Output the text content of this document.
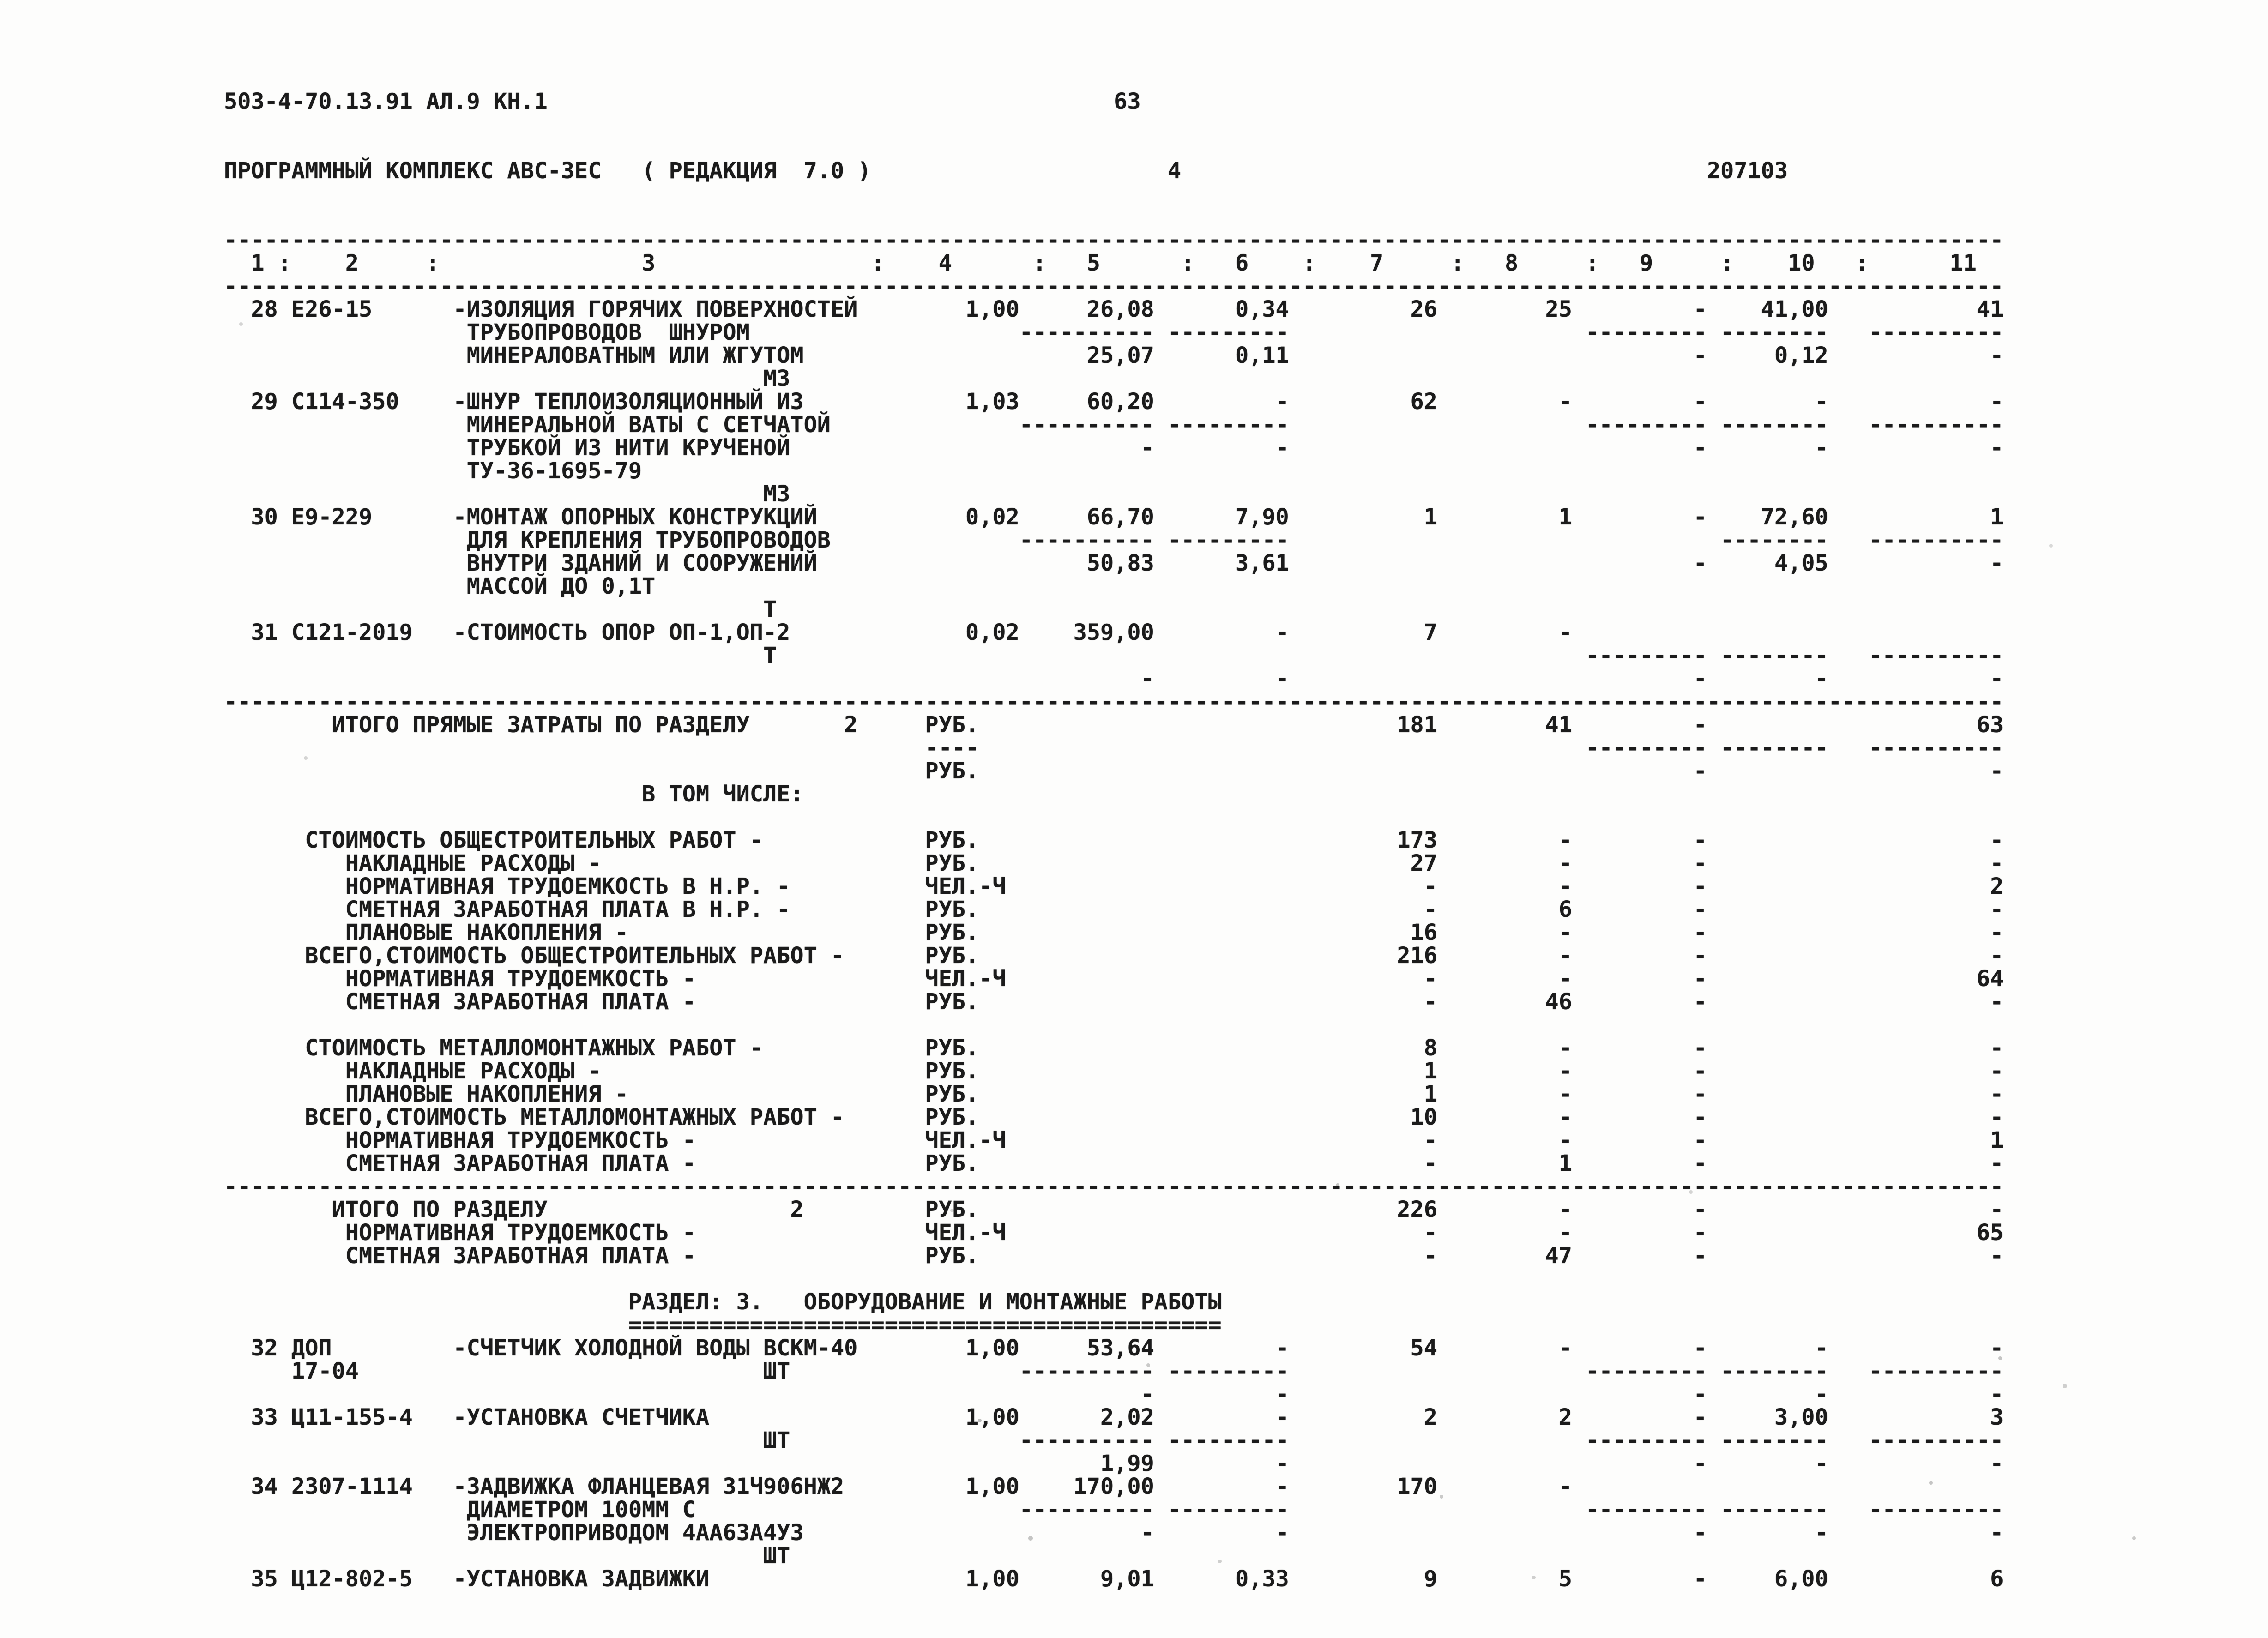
503-4-70.13.91 АЛ.9 КН.1                                          63

ПРОГРАММНЫЙ КОМПЛЕКС АВС-3ЕС   ( РЕДАКЦИЯ  7.0 )                      4                                       207103

------------------------------------------------------------------------------------------------------------------------------------
1 :    2     :               3                :    4      :   5      :   6    :    7     :   8     :   9     :    10   :      11
------------------------------------------------------------------------------------------------------------------------------------
28 Е26-15      -ИЗОЛЯЦИЯ ГОРЯЧИХ ПОВЕРХНОСТЕЙ        1,00     26,08      0,34         26        25         -    41,00           41
ТРУБОПРОВОДОВ  ШНУРОМ                    ---------- ---------                      --------- --------   ----------
МИНЕРАЛОВАТНЫМ ИЛИ ЖГУТОМ                     25,07      0,11                              -     0,12            -
М3
29 С114-350    -ШНУР ТЕПЛОИЗОЛЯЦИОННЫЙ ИЗ            1,03     60,20         -         62         -         -        -            -
МИНЕРАЛЬНОЙ ВАТЫ С СЕТЧАТОЙ              ---------- ---------                      --------- --------   ----------
ТРУБКОЙ ИЗ НИТИ КРУЧЕНОЙ                          -         -                              -        -            -
ТУ-36-1695-79
М3
30 Е9-229      -МОНТАЖ ОПОРНЫХ КОНСТРУКЦИЙ           0,02     66,70      7,90          1         1         -    72,60            1
ДЛЯ КРЕПЛЕНИЯ ТРУБОПРОВОДОВ              ---------- ---------                                --------   ----------
ВНУТРИ ЗДАНИЙ И СООРУЖЕНИЙ                    50,83      3,61                              -     4,05            -
МАССОЙ ДО 0,1Т
Т
31 С121-2019   -СТОИМОСТЬ ОПОР ОП-1,ОП-2             0,02    359,00         -          7         -
Т                                                            --------- --------   ----------
-         -                              -        -            -
------------------------------------------------------------------------------------------------------------------------------------
ИТОГО ПРЯМЫЕ ЗАТРАТЫ ПО РАЗДЕЛУ       2     РУБ.                               181        41         -                    63
----                                             --------- --------   ----------
РУБ.                                                     -                     -
В ТОМ ЧИСЛЕ:

СТОИМОСТЬ ОБЩЕСТРОИТЕЛЬНЫХ РАБОТ -            РУБ.                               173         -         -                     -
НАКЛАДНЫЕ РАСХОДЫ -                        РУБ.                                27         -         -                     -
НОРМАТИВНАЯ ТРУДОЕМКОСТЬ В Н.Р. -          ЧЕЛ.-Ч                               -         -         -                     2
СМЕТНАЯ ЗАРАБОТНАЯ ПЛАТА В Н.Р. -          РУБ.                                 -         6         -                     -
ПЛАНОВЫЕ НАКОПЛЕНИЯ -                      РУБ.                                16         -         -                     -
ВСЕГО,СТОИМОСТЬ ОБЩЕСТРОИТЕЛЬНЫХ РАБОТ -      РУБ.                               216         -         -                     -
НОРМАТИВНАЯ ТРУДОЕМКОСТЬ -                 ЧЕЛ.-Ч                               -         -         -                    64
СМЕТНАЯ ЗАРАБОТНАЯ ПЛАТА -                 РУБ.                                 -        46         -                     -

СТОИМОСТЬ МЕТАЛЛОМОНТАЖНЫХ РАБОТ -            РУБ.                                 8         -         -                     -
НАКЛАДНЫЕ РАСХОДЫ -                        РУБ.                                 1         -         -                     -
ПЛАНОВЫЕ НАКОПЛЕНИЯ -                      РУБ.                                 1         -         -                     -
ВСЕГО,СТОИМОСТЬ МЕТАЛЛОМОНТАЖНЫХ РАБОТ -      РУБ.                                10         -         -                     -
НОРМАТИВНАЯ ТРУДОЕМКОСТЬ -                 ЧЕЛ.-Ч                               -         -         -                     1
СМЕТНАЯ ЗАРАБОТНАЯ ПЛАТА -                 РУБ.                                 -         1         -                     -
------------------------------------------------------------------------------------------------------------------------------------
ИТОГО ПО РАЗДЕЛУ                  2         РУБ.                               226         -         -                     -
НОРМАТИВНАЯ ТРУДОЕМКОСТЬ -                 ЧЕЛ.-Ч                               -         -         -                    65
СМЕТНАЯ ЗАРАБОТНАЯ ПЛАТА -                 РУБ.                                 -        47         -                     -

РАЗДЕЛ: 3.   ОБОРУДОВАНИЕ И МОНТАЖНЫЕ РАБОТЫ
============================================
32 ДОП         -СЧЕТЧИК ХОЛОДНОЙ ВОДЫ ВСКМ-40        1,00     53,64         -         54         -         -        -            -
17-04                              ШТ                 ---------- ---------                      --------- --------   ----------
-         -                              -        -            -
33 Ц11-155-4   -УСТАНОВКА СЧЕТЧИКА                   1,00      2,02         -          2         2         -     3,00            3
ШТ                 ---------- ---------                      --------- --------   ----------
1,99         -                              -        -            -
34 2307-1114   -ЗАДВИЖКА ФЛАНЦЕВАЯ 31Ч906НЖ2         1,00    170,00         -        170         -
ДИАМЕТРОМ 100ММ С                        ---------- ---------                      --------- --------   ----------
ЭЛЕКТРОПРИВОДОМ 4АА63А4У3                         -         -                              -        -            -
ШТ
35 Ц12-802-5   -УСТАНОВКА ЗАДВИЖКИ                   1,00      9,01      0,33          9         5         -     6,00            6
